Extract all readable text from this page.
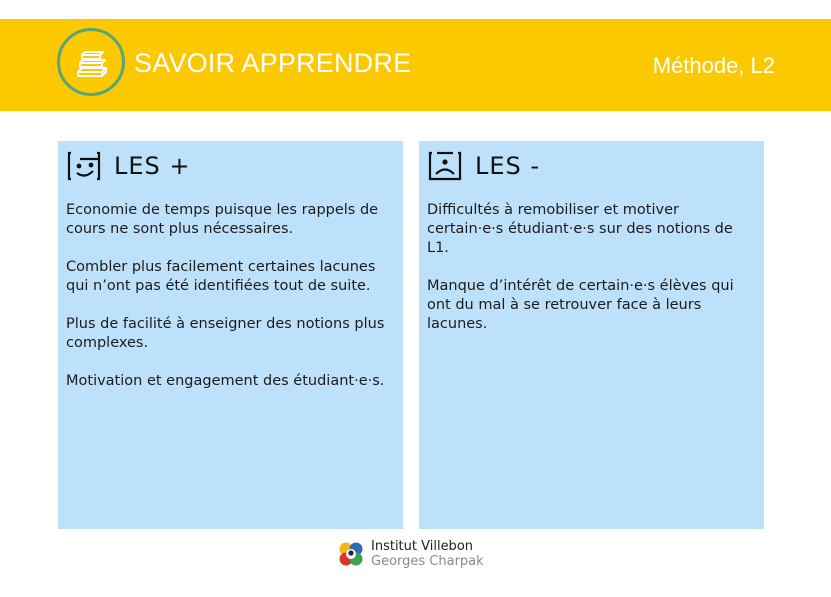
SAVOIR APPRENDRE	Méthode, L2
LES +

Economie de temps puisque les rappels de cours ne sont plus nécessaires.

Combler plus facilement certaines lacunes qui n’ont pas été identifiées tout de suite.

Plus de facilité à enseigner des notions plus complexes.

Motivation et engagement des étudiant·e·s.

LES -

Difficultés à remobiliser et motiver certain·e·s étudiant·e·s sur des notions de L1.

Manque d’intérêt de certain·e·s élèves qui ont du mal à se retrouver face à leurs lacunes.

Institut Villebon
Georges Charpak
